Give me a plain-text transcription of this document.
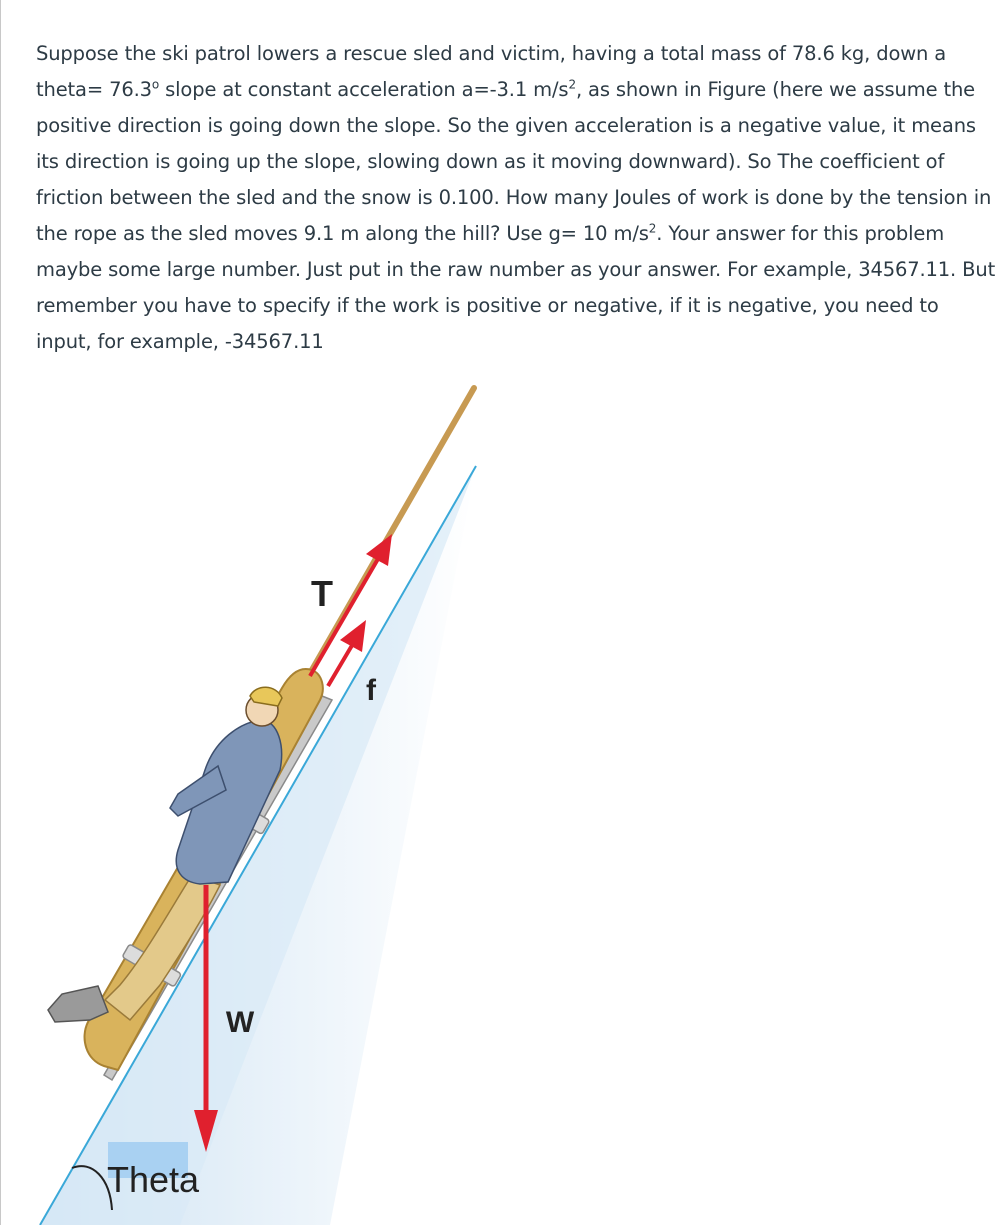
Suppose the ski patrol lowers a rescue sled and victim, having a total mass of 78.6 kg, down a theta= $76.3^o$ slope at constant acceleration a=-3.1 $m/s^2$, as shown in Figure (here we assume the positive direction is going down the slope. So the given acceleration is a negative value, it means its direction is going up the slope, slowing down as it moving downward). So The coefficient of friction between the sled and the snow is 0.100. How many Joules of work is done by the tension in the rope as the sled moves 9.1 m along the hill? Use g= 10 $m/s^2$. Your answer for this problem maybe some large number. Just put in the raw number as your answer. For example, 34567.11. But remember you have to specify if the work is positive or negative, if it is negative, you need to input, for example, -34567.11

T
f
W
Theta
